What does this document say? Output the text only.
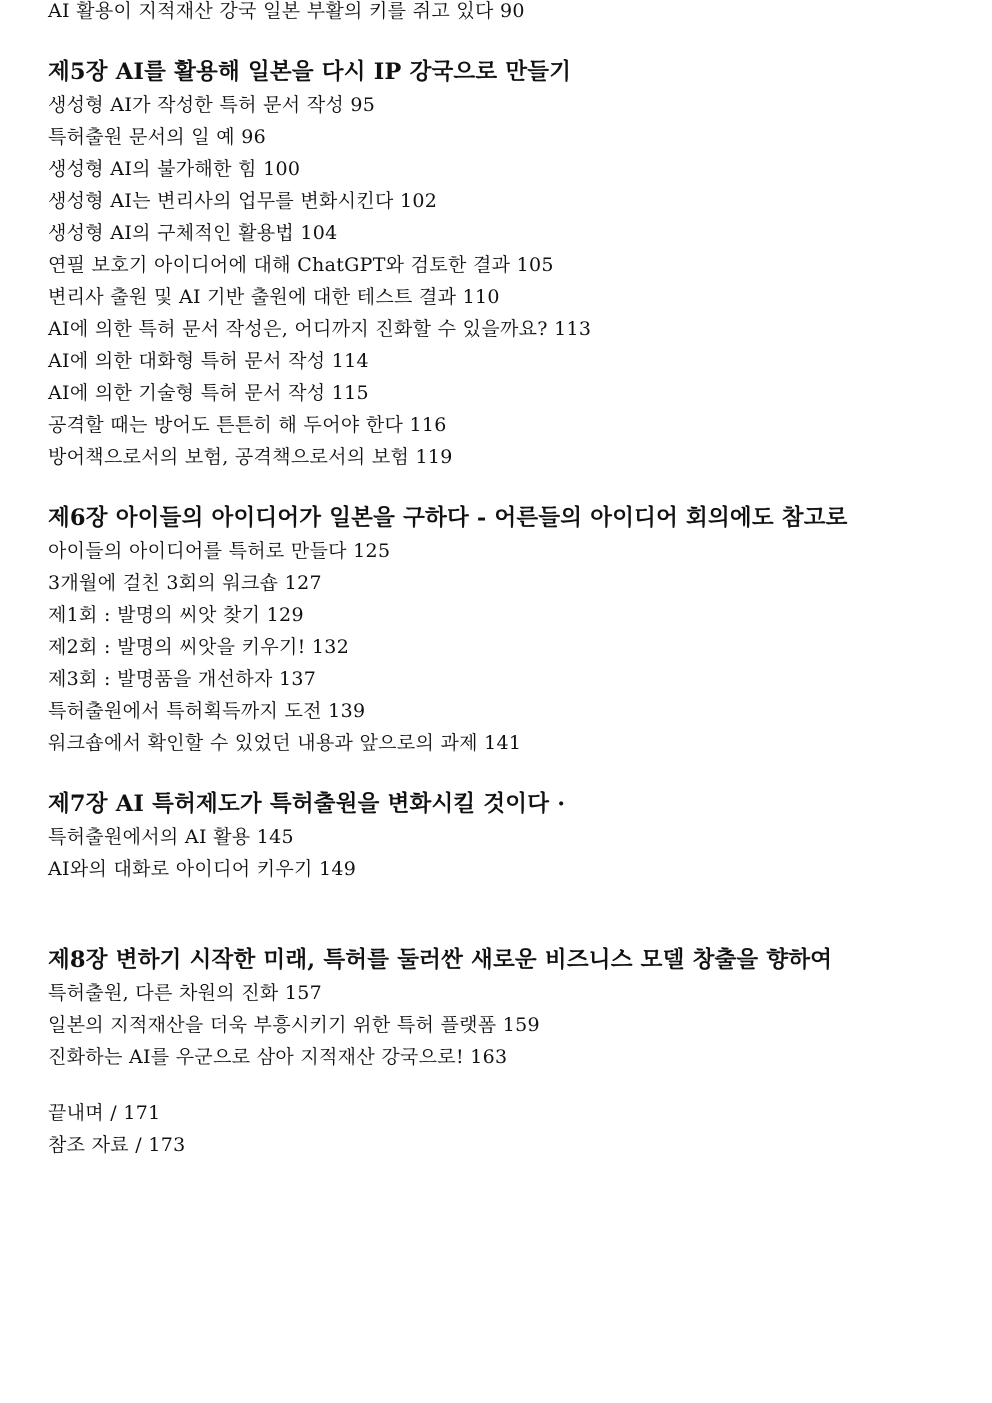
AI 활용이 지적재산 강국 일본 부활의 키를 쥐고 있다 90
제5장 AI를 활용해 일본을 다시 IP 강국으로 만들기
생성형 AI가 작성한 특허 문서 작성 95
특허출원 문서의 일 예 96
생성형 AI의 불가해한 힘 100
생성형 AI는 변리사의 업무를 변화시킨다 102
생성형 AI의 구체적인 활용법 104
연필 보호기 아이디어에 대해 ChatGPT와 검토한 결과 105
변리사 출원 및 AI 기반 출원에 대한 테스트 결과 110
AI에 의한 특허 문서 작성은, 어디까지 진화할 수 있을까요? 113
AI에 의한 대화형 특허 문서 작성 114
AI에 의한 기술형 특허 문서 작성 115
공격할 때는 방어도 튼튼히 해 두어야 한다 116
방어책으로서의 보험, 공격책으로서의 보험 119
제6장 아이들의 아이디어가 일본을 구하다 - 어른들의 아이디어 회의에도 참고로
아이들의 아이디어를 특허로 만들다 125
3개월에 걸친 3회의 워크숍 127
제1회 : 발명의 씨앗 찾기 129
제2회 : 발명의 씨앗을 키우기! 132
제3회 : 발명품을 개선하자 137
특허출원에서 특허획득까지 도전 139
워크숍에서 확인할 수 있었던 내용과 앞으로의 과제 141
제7장 AI 특허제도가 특허출원을 변화시킬 것이다 ·
특허출원에서의 AI 활용 145
AI와의 대화로 아이디어 키우기 149
제8장 변하기 시작한 미래, 특허를 둘러싼 새로운 비즈니스 모델 창출을 향하여
특허출원, 다른 차원의 진화 157
일본의 지적재산을 더욱 부흥시키기 위한 특허 플랫폼 159
진화하는 AI를 우군으로 삼아 지적재산 강국으로! 163
끝내며 / 171
참조 자료 / 173
